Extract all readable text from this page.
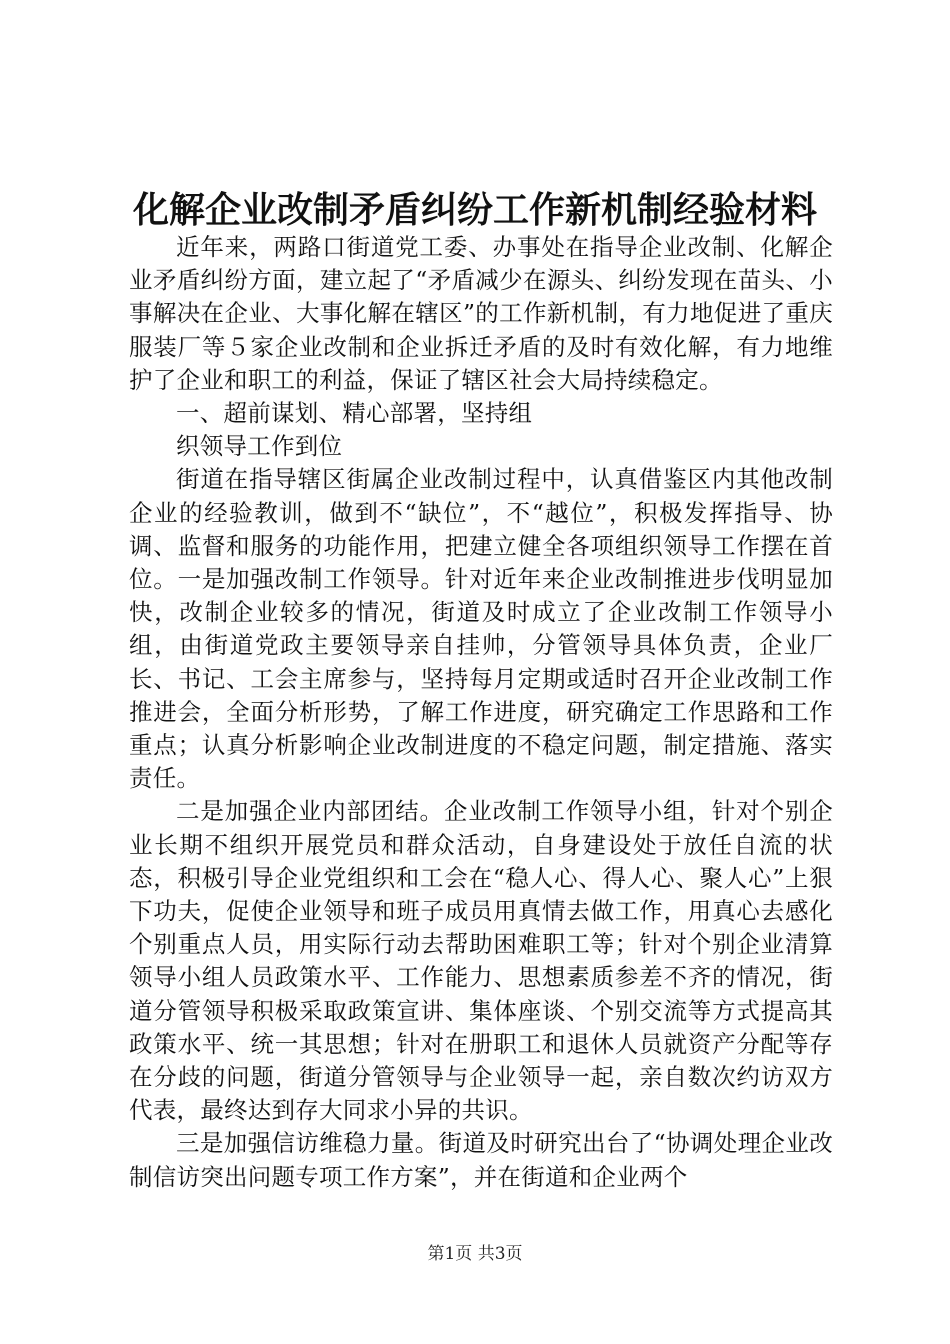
化解企业改制矛盾纠纷工作新机制经验材料

近年来，两路口街道党工委、办事处在指导企业改制、化解企业矛盾纠纷方面，建立起了“矛盾减少在源头、纠纷发现在苗头、小事解决在企业、大事化解在辖区”的工作新机制，有力地促进了重庆服装厂等５家企业改制和企业拆迁矛盾的及时有效化解，有力地维护了企业和职工的利益，保证了辖区社会大局持续稳定。

一、超前谋划、精心部署，坚持组

织领导工作到位

街道在指导辖区街属企业改制过程中，认真借鉴区内其他改制企业的经验教训，做到不“缺位”，不“越位”，积极发挥指导、协调、监督和服务的功能作用，把建立健全各项组织领导工作摆在首位。一是加强改制工作领导。针对近年来企业改制推进步伐明显加快，改制企业较多的情况，街道及时成立了企业改制工作领导小组，由街道党政主要领导亲自挂帅，分管领导具体负责，企业厂长、书记、工会主席参与，坚持每月定期或适时召开企业改制工作推进会，全面分析形势，了解工作进度，研究确定工作思路和工作重点；认真分析影响企业改制进度的不稳定问题，制定措施、落实责任。

二是加强企业内部团结。企业改制工作领导小组，针对个别企业长期不组织开展党员和群众活动，自身建设处于放任自流的状态，积极引导企业党组织和工会在“稳人心、得人心、聚人心”上狠下功夫，促使企业领导和班子成员用真情去做工作，用真心去感化个别重点人员，用实际行动去帮助困难职工等；针对个别企业清算领导小组人员政策水平、工作能力、思想素质参差不齐的情况，街道分管领导积极采取政策宣讲、集体座谈、个别交流等方式提高其政策水平、统一其思想；针对在册职工和退休人员就资产分配等存在分歧的问题，街道分管领导与企业领导一起，亲自数次约访双方代表，最终达到存大同求小异的共识。

三是加强信访维稳力量。街道及时研究出台了“协调处理企业改制信访突出问题专项工作方案”，并在街道和企业两个

第1页 共3页
